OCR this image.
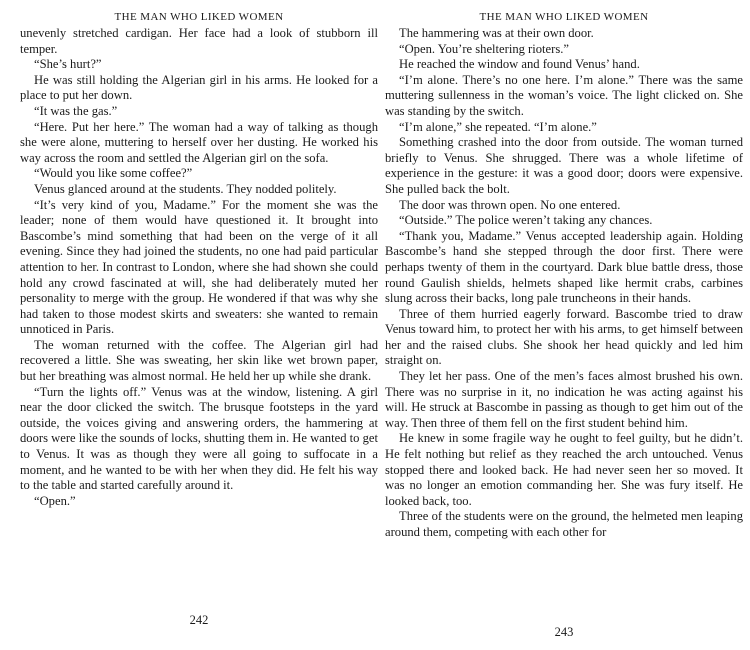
THE MAN WHO LIKED WOMEN

unevenly stretched cardigan. Her face had a look of stubborn ill temper.

“She’s hurt?”

He was still holding the Algerian girl in his arms. He looked for a place to put her down.

“It was the gas.”

“Here. Put her here.” The woman had a way of talking as though she were alone, muttering to herself over her dusting. He worked his way across the room and settled the Algerian girl on the sofa.

“Would you like some coffee?”

Venus glanced around at the students. They nodded politely.

“It’s very kind of you, Madame.” For the moment she was the leader; none of them would have questioned it. It brought into Bascombe’s mind something that had been on the verge of it all evening. Since they had joined the students, no one had paid particular attention to her. In contrast to London, where she had shown she could hold any crowd fascinated at will, she had deliberately muted her personality to merge with the group. He wondered if that was why she had taken to those modest skirts and sweaters: she wanted to remain unnoticed in Paris.

The woman returned with the coffee. The Algerian girl had recovered a little. She was sweating, her skin like wet brown paper, but her breathing was almost normal. He held her up while she drank.

“Turn the lights off.” Venus was at the window, listening. A girl near the door clicked the switch. The brusque footsteps in the yard outside, the voices giving and answering orders, the hammering at doors were like the sounds of locks, shutting them in. He wanted to get to Venus. It was as though they were all going to suffocate in a moment, and he wanted to be with her when they did. He felt his way to the table and started carefully around it.

“Open.”

242
THE MAN WHO LIKED WOMEN

The hammering was at their own door.

“Open. You’re sheltering rioters.”

He reached the window and found Venus’ hand.

“I’m alone. There’s no one here. I’m alone.” There was the same muttering sullenness in the woman’s voice. The light clicked on. She was standing by the switch.

“I’m alone,” she repeated. “I’m alone.”

Something crashed into the door from outside. The woman turned briefly to Venus. She shrugged. There was a whole lifetime of experience in the gesture: it was a good door; doors were expensive. She pulled back the bolt.

The door was thrown open. No one entered.

“Outside.” The police weren’t taking any chances.

“Thank you, Madame.” Venus accepted leadership again. Holding Bascombe’s hand she stepped through the door first. There were perhaps twenty of them in the courtyard. Dark blue battle dress, those round Gaulish shields, helmets shaped like hermit crabs, carbines slung across their backs, long pale truncheons in their hands.

Three of them hurried eagerly forward. Bascombe tried to draw Venus toward him, to protect her with his arms, to get himself between her and the raised clubs. She shook her head quickly and led him straight on.

They let her pass. One of the men’s faces almost brushed his own. There was no surprise in it, no indication he was acting against his will. He struck at Bascombe in passing as though to get him out of the way. Then three of them fell on the first student behind him.

He knew in some fragile way he ought to feel guilty, but he didn’t. He felt nothing but relief as they reached the arch untouched. Venus stopped there and looked back. He had never seen her so moved. It was no longer an emotion commanding her. She was fury itself. He looked back, too.

Three of the students were on the ground, the helmeted men leaping around them, competing with each other for

243
